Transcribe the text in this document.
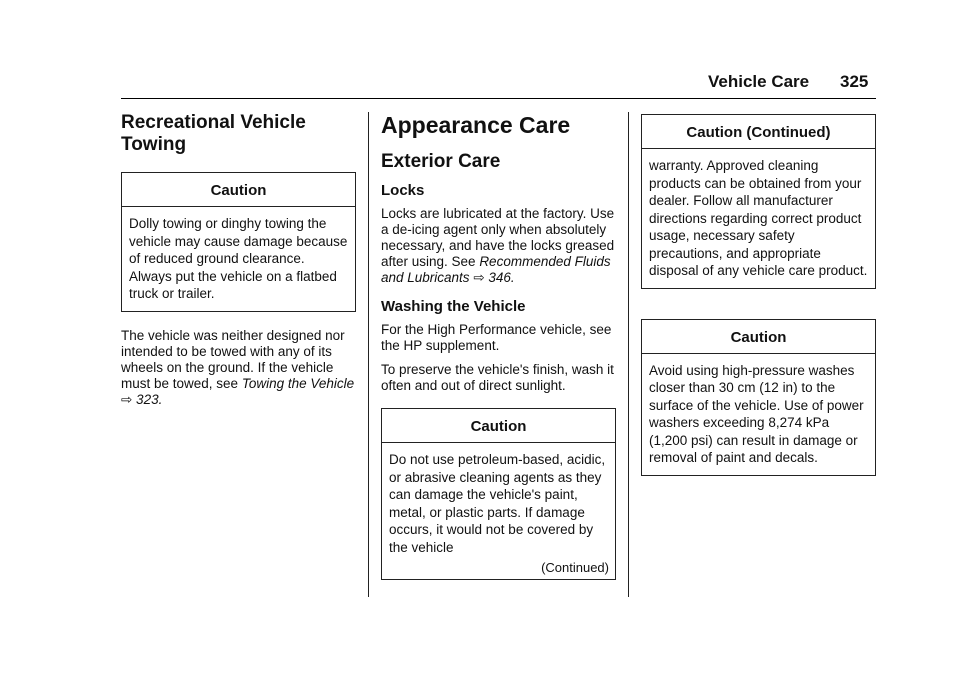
Vehicle Care 325
Recreational Vehicle
Towing
Caution
Dolly towing or dinghy towing the vehicle may cause damage because of reduced ground clearance. Always put the vehicle on a flatbed truck or trailer.

The vehicle was neither designed nor intended to be towed with any of its wheels on the ground. If the vehicle must be towed, see Towing the Vehicle ⇨ 323.

Appearance Care
Exterior Care
Locks

Locks are lubricated at the factory. Use a de-icing agent only when absolutely necessary, and have the locks greased after using. See Recommended Fluids and Lubricants ⇨ 346.

Washing the Vehicle

For the High Performance vehicle, see the HP supplement.

To preserve the vehicle's finish, wash it often and out of direct sunlight.

Caution
Do not use petroleum-based, acidic, or abrasive cleaning agents as they can damage the vehicle's paint, metal, or plastic parts. If damage occurs, it would not be covered by the vehicle
(Continued)
Caution (Continued)
warranty. Approved cleaning products can be obtained from your dealer. Follow all manufacturer directions regarding correct product usage, necessary safety precautions, and appropriate disposal of any vehicle care product.
Caution
Avoid using high-pressure washes closer than 30 cm (12 in) to the surface of the vehicle. Use of power washers exceeding 8,274 kPa (1,200 psi) can result in damage or removal of paint and decals.
